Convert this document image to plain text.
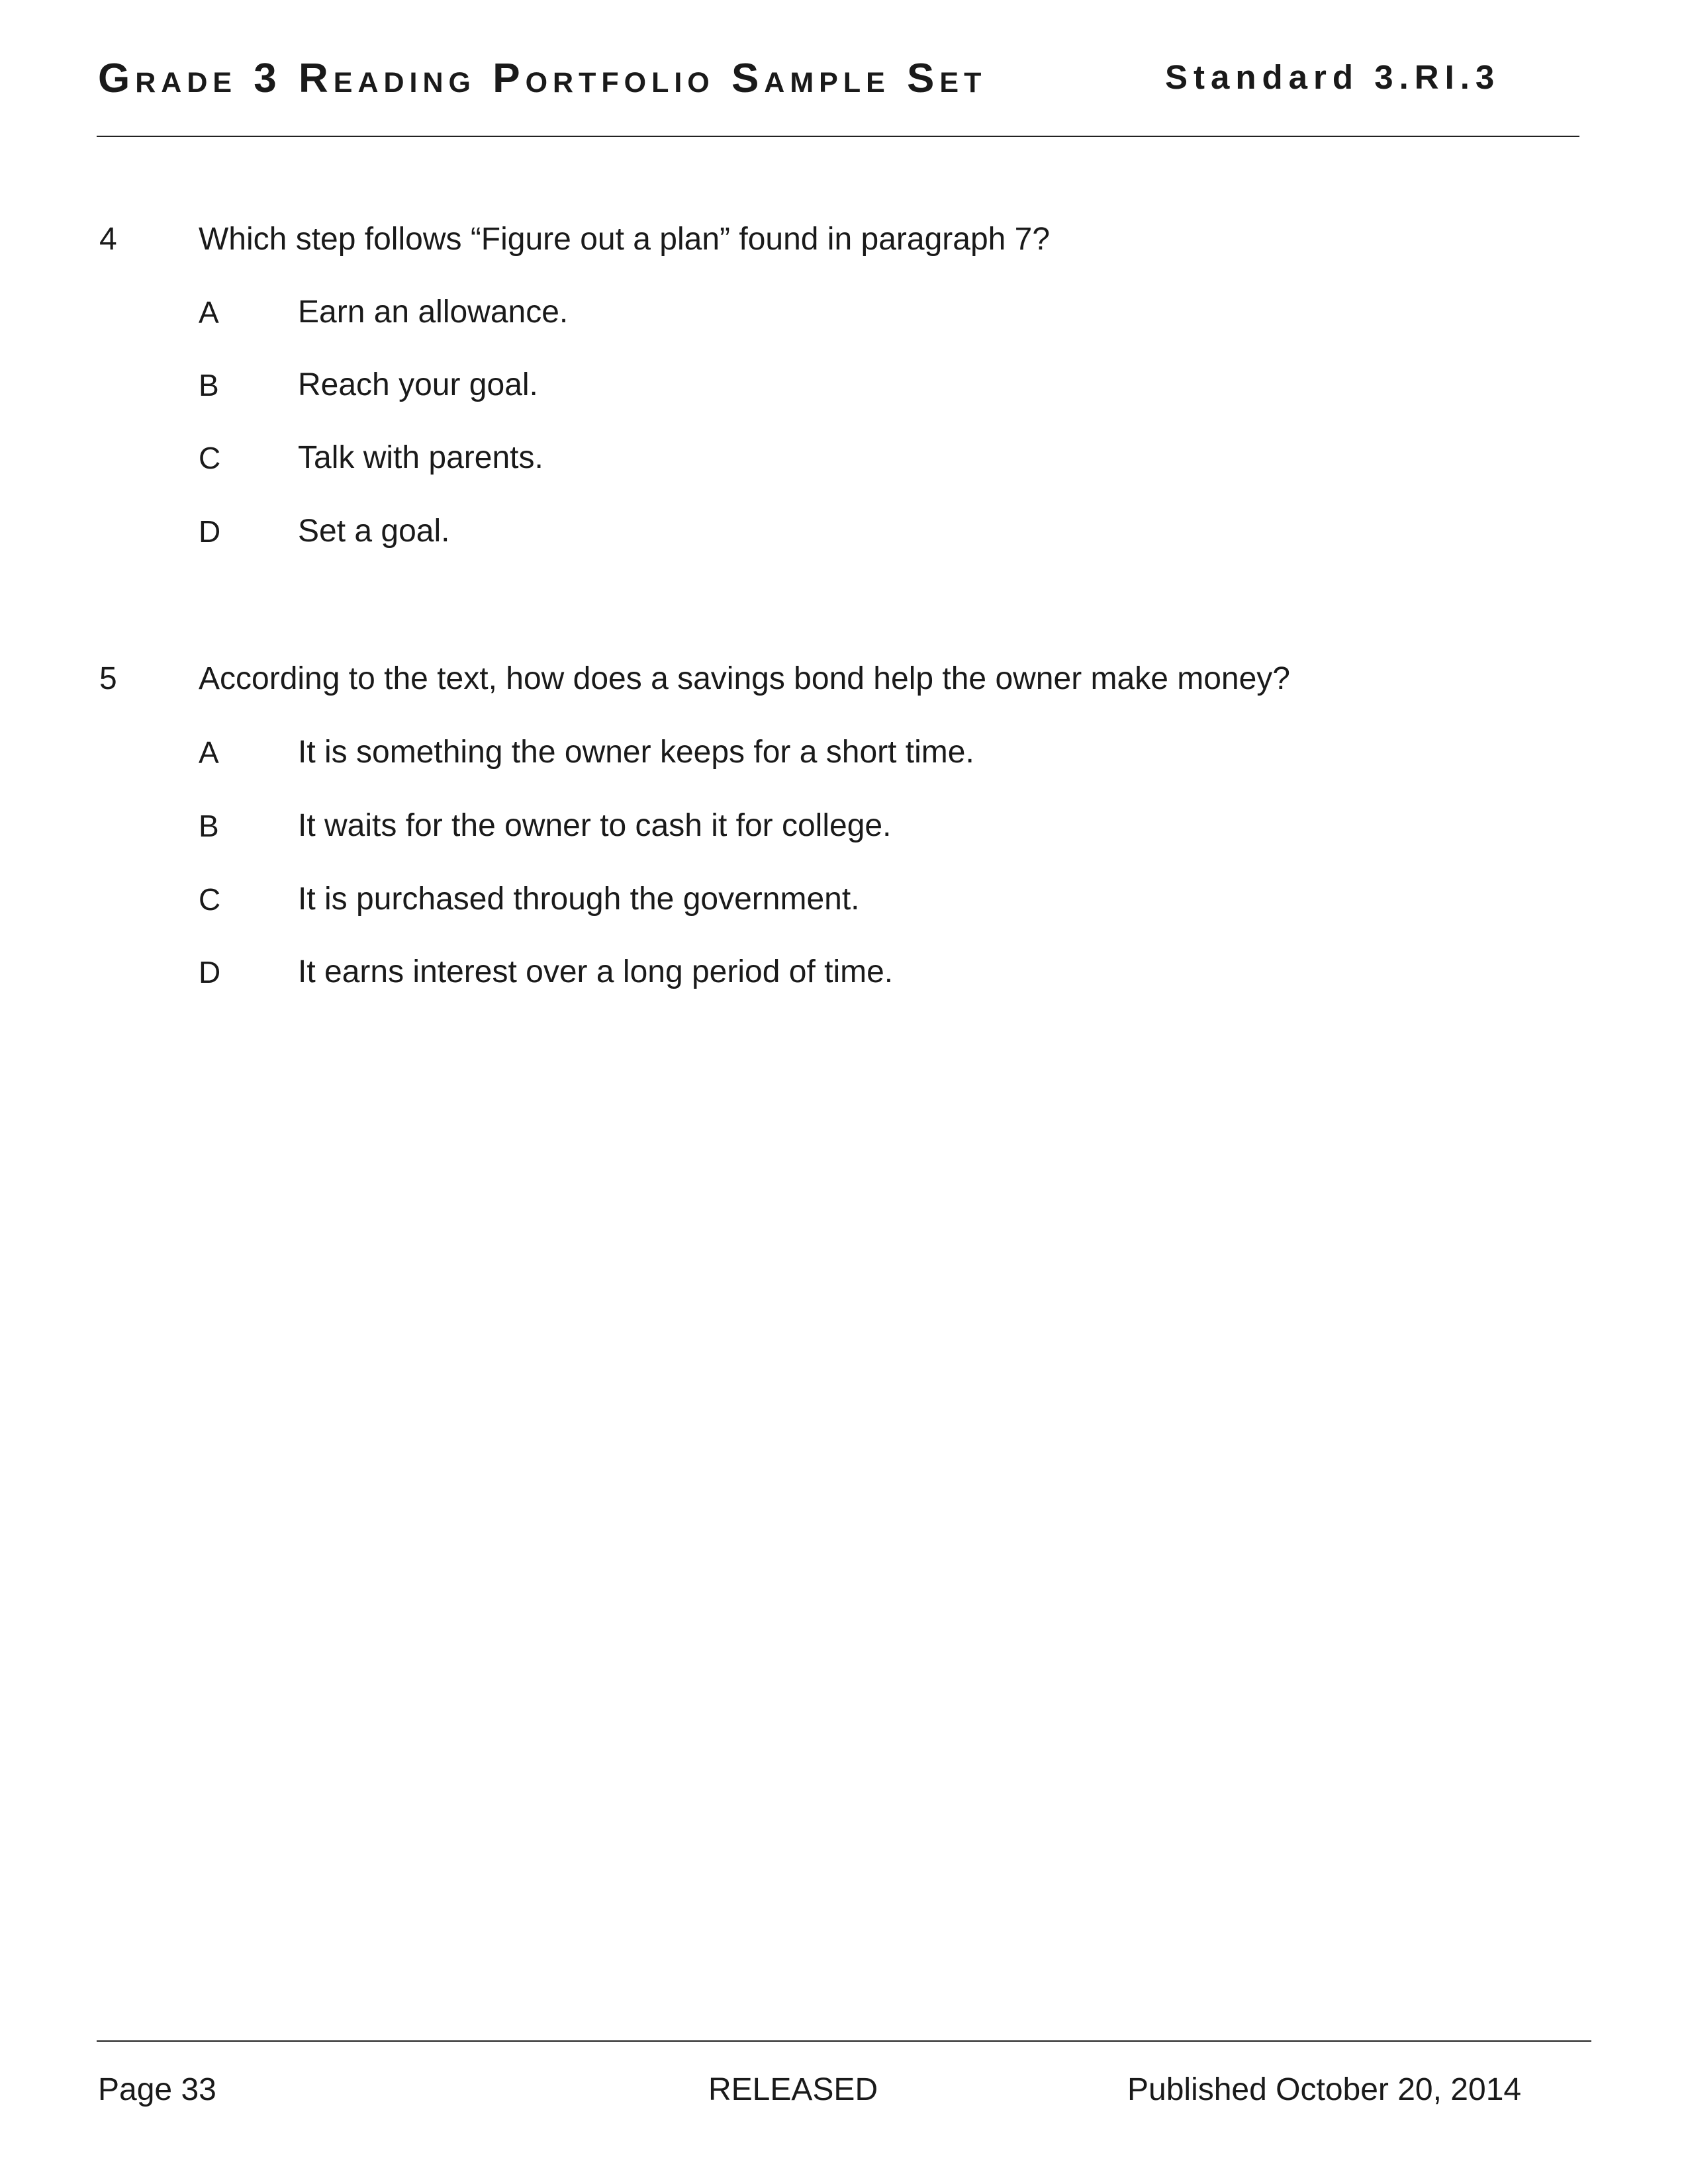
Grade 3 Reading Portfolio Sample Set	Standard 3.RI.3
4	Which step follows “Figure out a plan” found in paragraph 7?
A Earn an allowance.
B Reach your goal.
C Talk with parents.
D Set a goal.
5	According to the text, how does a savings bond help the owner make money?
A It is something the owner keeps for a short time.
B It waits for the owner to cash it for college.
C It is purchased through the government.
D It earns interest over a long period of time.
Page 33	RELEASED	Published October 20, 2014
